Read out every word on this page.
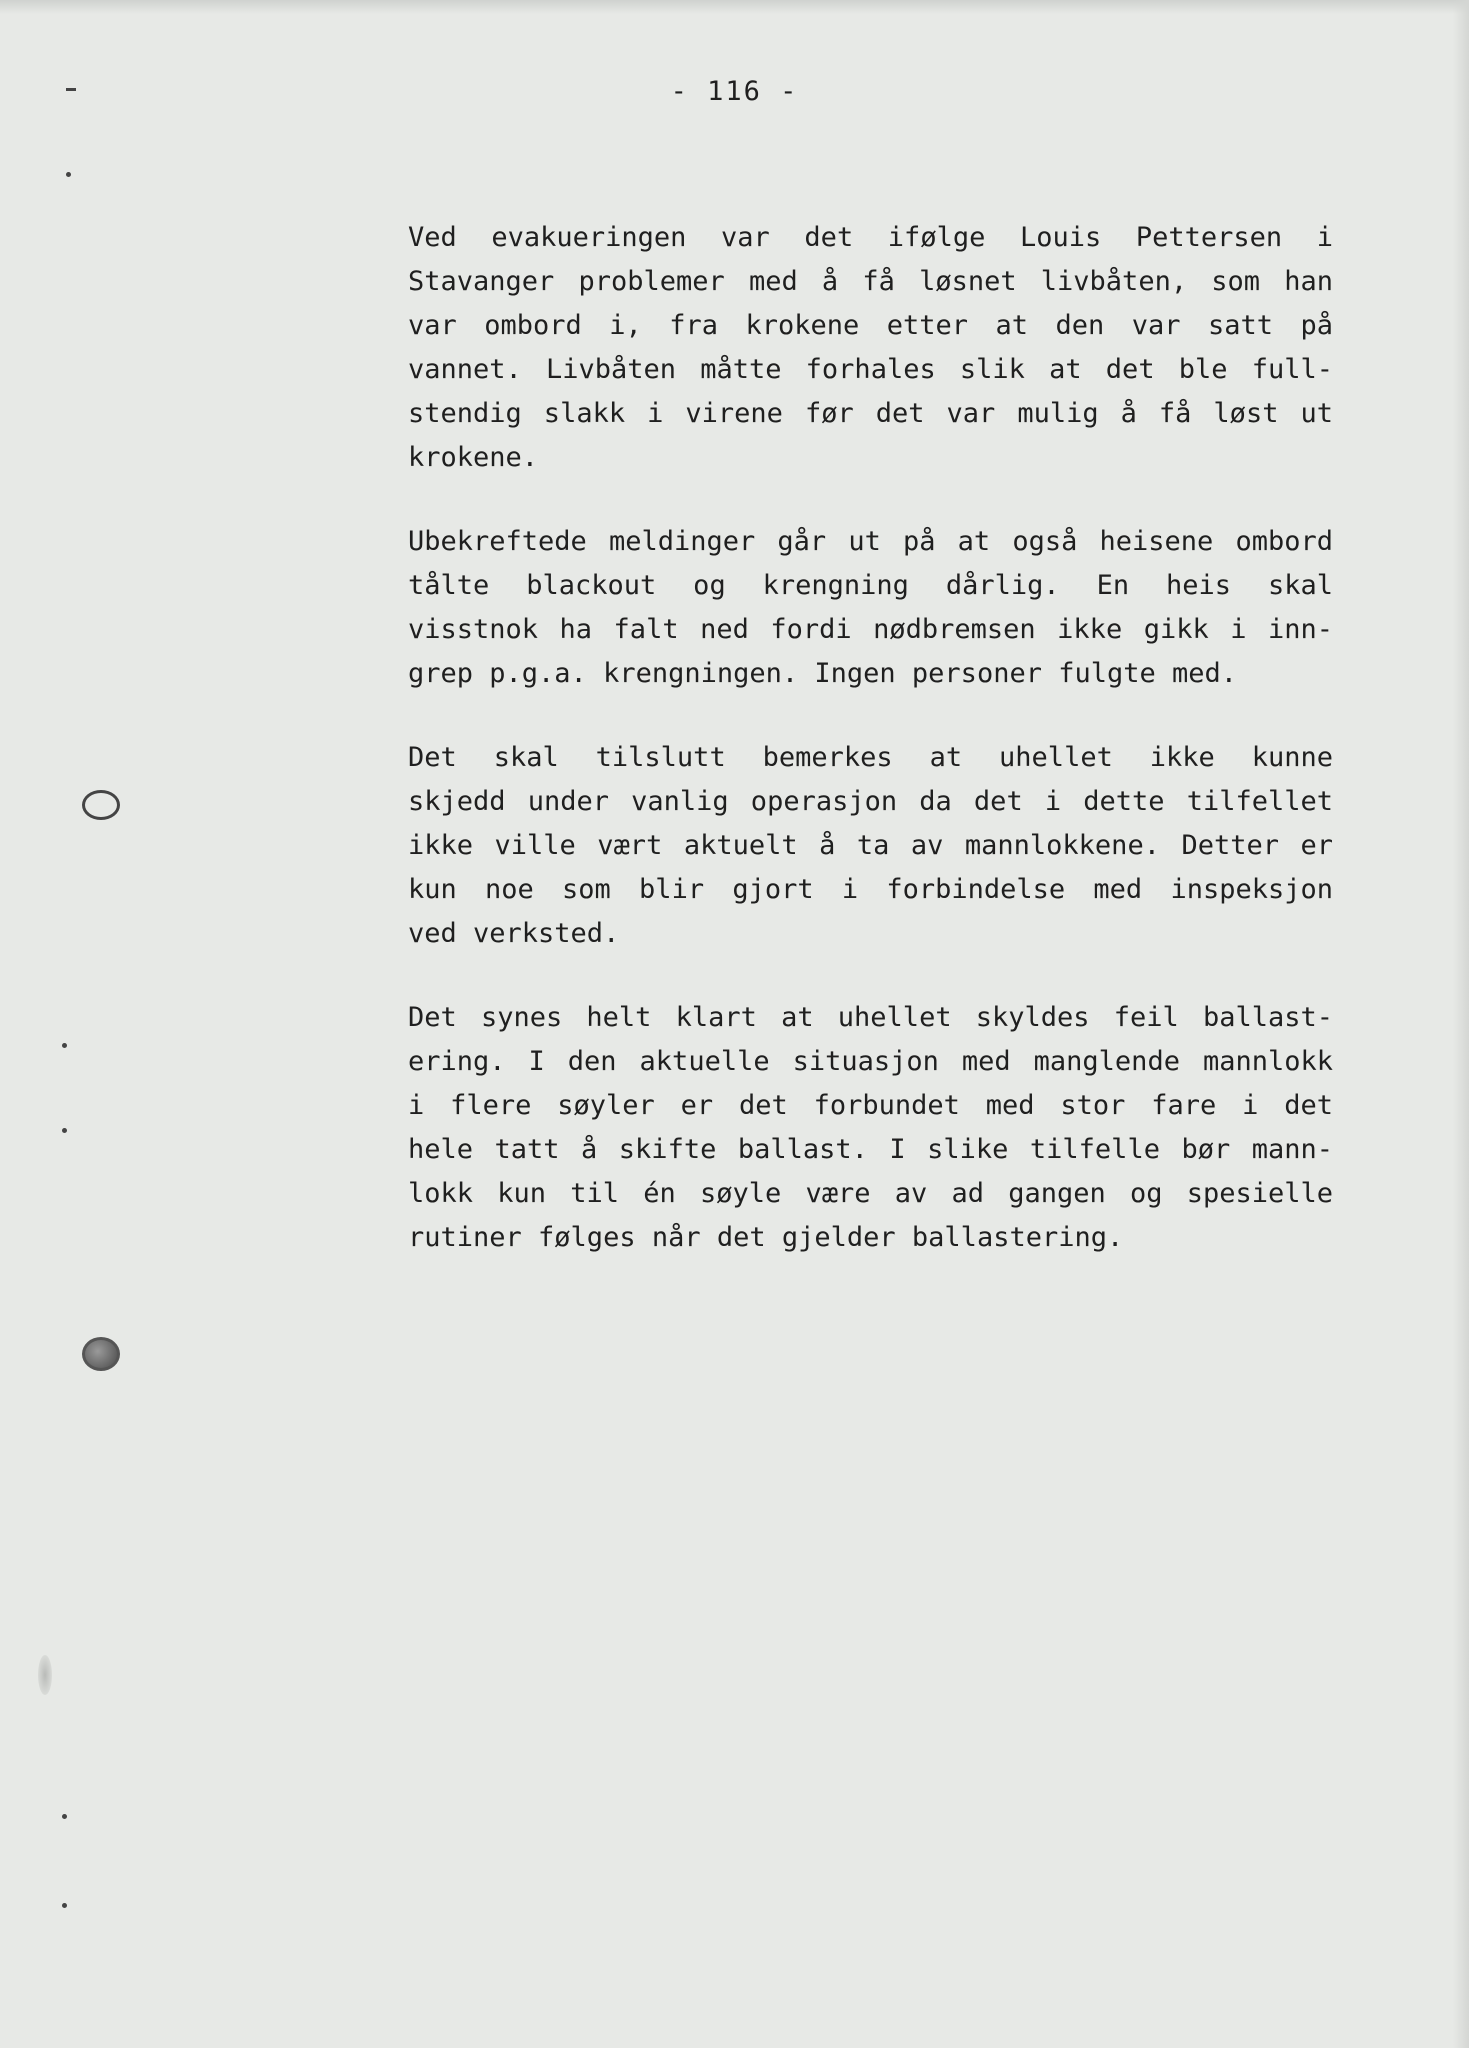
- 116 -
Ved evakueringen var det ifølge Louis Pettersen i
Stavanger problemer med å få løsnet livbåten, som han
var ombord i, fra krokene etter at den var satt på
vannet. Livbåten måtte forhales slik at det ble full-
stendig slakk i virene før det var mulig å få løst ut
krokene.
Ubekreftede meldinger går ut på at også heisene ombord
tålte blackout og krengning dårlig. En heis skal
visstnok ha falt ned fordi nødbremsen ikke gikk i inn-
grep p.g.a. krengningen. Ingen personer fulgte med.
Det skal tilslutt bemerkes at uhellet ikke kunne
skjedd under vanlig operasjon da det i dette tilfellet
ikke ville vært aktuelt å ta av mannlokkene. Detter er
kun noe som blir gjort i forbindelse med inspeksjon
ved verksted.
Det synes helt klart at uhellet skyldes feil ballast-
ering. I den aktuelle situasjon med manglende mannlokk
i flere søyler er det forbundet med stor fare i det
hele tatt å skifte ballast. I slike tilfelle bør mann-
lokk kun til én søyle være av ad gangen og spesielle
rutiner følges når det gjelder ballastering.
